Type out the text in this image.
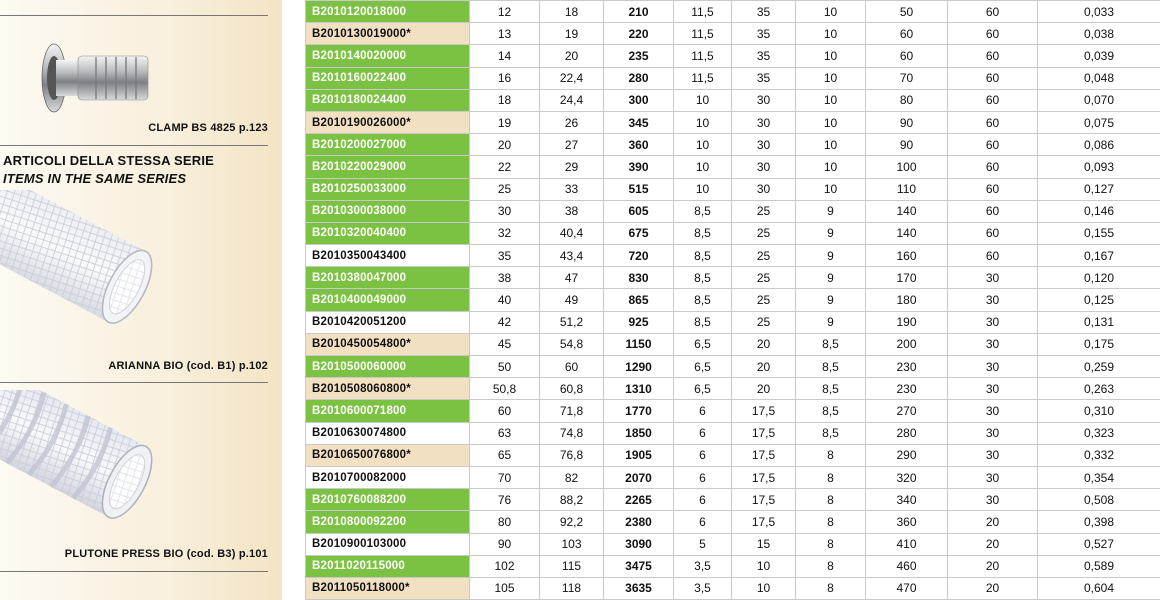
CLAMP BS 4825 p.123
ARTICOLI DELLA STESSA SERIE
ITEMS IN THE SAME SERIES
ARIANNA BIO (cod. B1) p.102
PLUTONE PRESS BIO (cod. B3) p.101
B2010120018000	12	18	210	11,5	35	10	50	60	0,033
B2010130019000*	13	19	220	11,5	35	10	60	60	0,038
B2010140020000	14	20	235	11,5	35	10	60	60	0,039
B2010160022400	16	22,4	280	11,5	35	10	70	60	0,048
B2010180024400	18	24,4	300	10	30	10	80	60	0,070
B2010190026000*	19	26	345	10	30	10	90	60	0,075
B2010200027000	20	27	360	10	30	10	90	60	0,086
B2010220029000	22	29	390	10	30	10	100	60	0,093
B2010250033000	25	33	515	10	30	10	110	60	0,127
B2010300038000	30	38	605	8,5	25	9	140	60	0,146
B2010320040400	32	40,4	675	8,5	25	9	140	60	0,155
B2010350043400	35	43,4	720	8,5	25	9	160	60	0,167
B2010380047000	38	47	830	8,5	25	9	170	30	0,120
B2010400049000	40	49	865	8,5	25	9	180	30	0,125
B2010420051200	42	51,2	925	8,5	25	9	190	30	0,131
B2010450054800*	45	54,8	1150	6,5	20	8,5	200	30	0,175
B2010500060000	50	60	1290	6,5	20	8,5	230	30	0,259
B2010508060800*	50,8	60,8	1310	6,5	20	8,5	230	30	0,263
B2010600071800	60	71,8	1770	6	17,5	8,5	270	30	0,310
B2010630074800	63	74,8	1850	6	17,5	8,5	280	30	0,323
B2010650076800*	65	76,8	1905	6	17,5	8	290	30	0,332
B2010700082000	70	82	2070	6	17,5	8	320	30	0,354
B2010760088200	76	88,2	2265	6	17,5	8	340	30	0,508
B2010800092200	80	92,2	2380	6	17,5	8	360	20	0,398
B2010900103000	90	103	3090	5	15	8	410	20	0,527
B2011020115000	102	115	3475	3,5	10	8	460	20	0,589
B2011050118000*	105	118	3635	3,5	10	8	470	20	0,604
